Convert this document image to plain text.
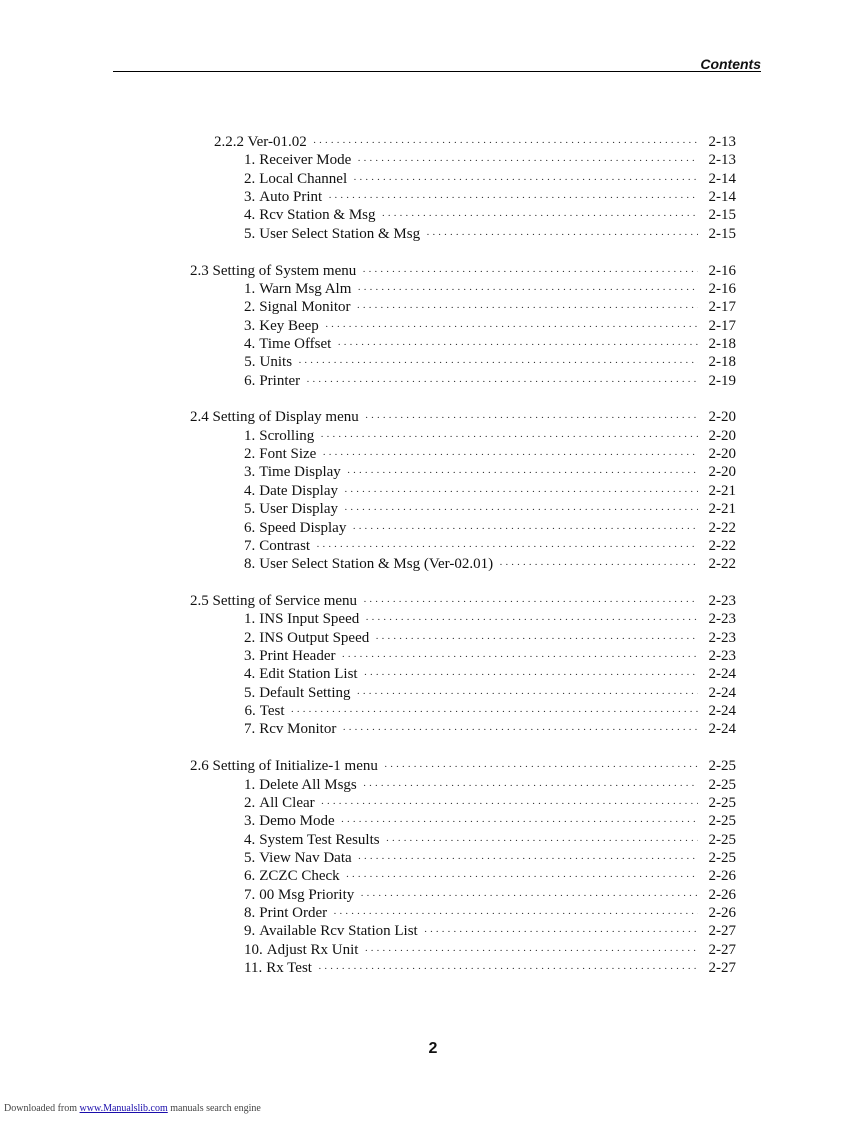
Contents
2.2.2 Ver-01.02 ·····	2-13
1. Receiver Mode ·····	2-13
2. Local Channel ·····	2-14
3. Auto Print ·····	2-14
4. Rcv Station & Msg ·····	2-15
5. User Select Station & Msg ·····	2-15
2.3 Setting of System menu ·····	2-16
1. Warn Msg Alm ·····	2-16
2. Signal Monitor ·····	2-17
3. Key Beep ·····	2-17
4. Time Offset ·····	2-18
5. Units ·····	2-18
6. Printer ·····	2-19
2.4 Setting of Display menu ·····	2-20
1. Scrolling ·····	2-20
2. Font Size ·····	2-20
3. Time Display ·····	2-20
4. Date Display ·····	2-21
5. User Display ·····	2-21
6. Speed Display ·····	2-22
7. Contrast ·····	2-22
8. User Select Station & Msg (Ver-02.01) ·····	2-22
2.5 Setting of Service menu ·····	2-23
1. INS Input Speed ·····	2-23
2. INS Output Speed ·····	2-23
3. Print Header ·····	2-23
4. Edit Station List ·····	2-24
5. Default Setting ·····	2-24
6. Test ·····	2-24
7. Rcv Monitor ·····	2-24
2.6 Setting of Initialize-1 menu ·····	2-25
1. Delete All Msgs ·····	2-25
2. All Clear ·····	2-25
3. Demo Mode ·····	2-25
4. System Test Results ·····	2-25
5. View Nav Data ·····	2-25
6. ZCZC Check ·····	2-26
7. 00 Msg Priority ·····	2-26
8. Print Order ·····	2-26
9. Available Rcv Station List ·····	2-27
10. Adjust Rx Unit ·····	2-27
11. Rx Test ·····	2-27
2
Downloaded from www.Manualslib.com manuals search engine
